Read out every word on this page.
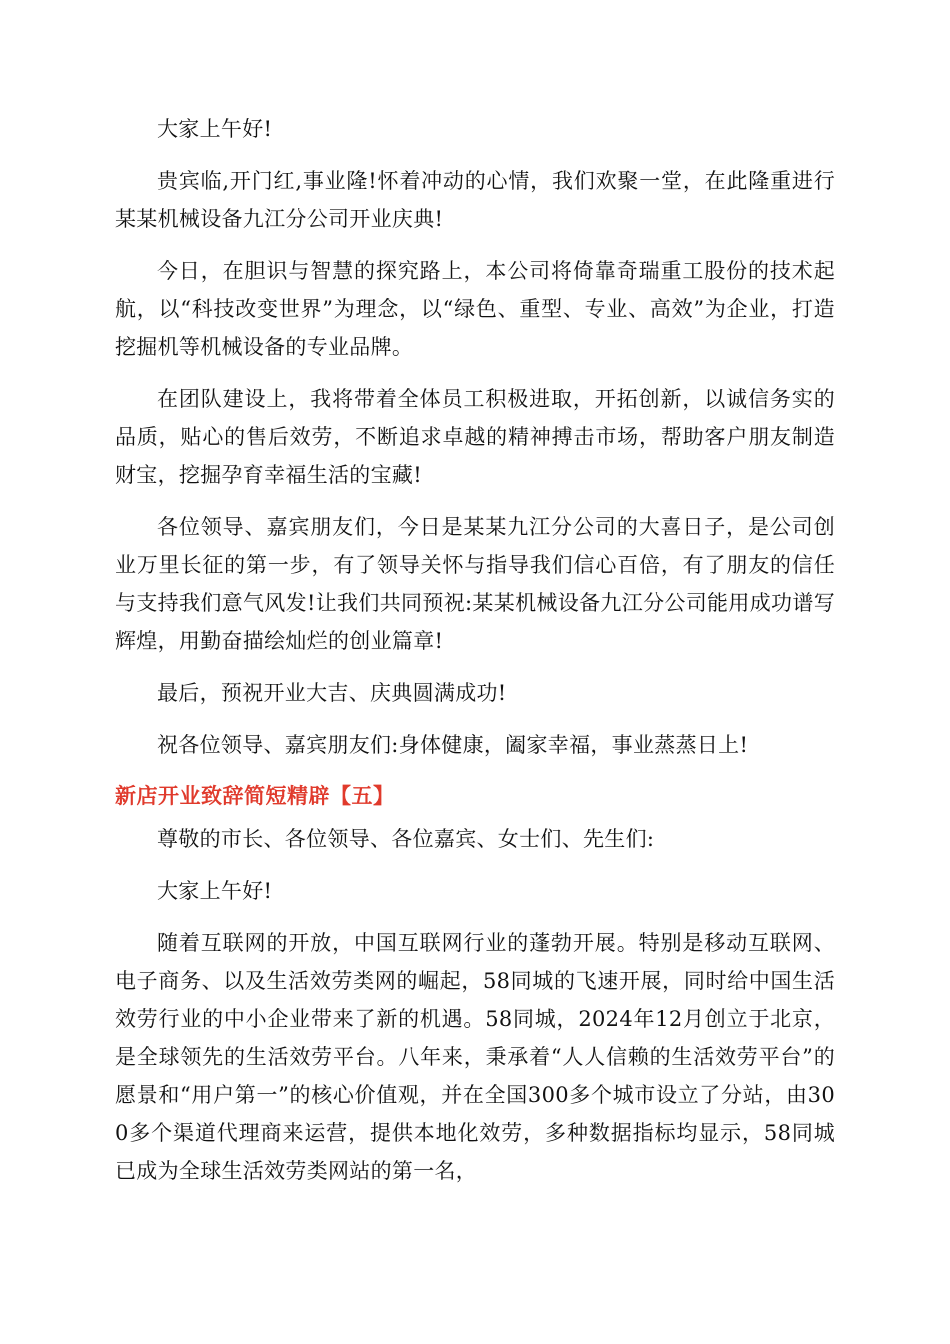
大家上午好!

贵宾临,开门红,事业隆!怀着冲动的心情，我们欢聚一堂，在此隆重进行某某机械设备九江分公司开业庆典!

今日，在胆识与智慧的探究路上，本公司将倚靠奇瑞重工股份的技术起航，以“科技改变世界”为理念，以“绿色、重型、专业、高效”为企业，打造挖掘机等机械设备的专业品牌。

在团队建设上，我将带着全体员工积极进取，开拓创新，以诚信务实的品质，贴心的售后效劳，不断追求卓越的精神搏击市场，帮助客户朋友制造财宝，挖掘孕育幸福生活的宝藏!

各位领导、嘉宾朋友们，今日是某某九江分公司的大喜日子，是公司创业万里长征的第一步，有了领导关怀与指导我们信心百倍，有了朋友的信任与支持我们意气风发!让我们共同预祝:某某机械设备九江分公司能用成功谱写辉煌，用勤奋描绘灿烂的创业篇章!

最后，预祝开业大吉、庆典圆满成功!

祝各位领导、嘉宾朋友们:身体健康，阖家幸福，事业蒸蒸日上!

新店开业致辞简短精辟【五】

尊敬的市长、各位领导、各位嘉宾、女士们、先生们:

大家上午好!

随着互联网的开放，中国互联网行业的蓬勃开展。特别是移动互联网、电子商务、以及生活效劳类网的崛起，58同城的飞速开展，同时给中国生活效劳行业的中小企业带来了新的机遇。58同城，2024年12月创立于北京，是全球领先的生活效劳平台。八年来，秉承着“人人信赖的生活效劳平台”的愿景和“用户第一”的核心价值观，并在全国300多个城市设立了分站，由300多个渠道代理商来运营，提供本地化效劳，多种数据指标均显示，58同城已成为全球生活效劳类网站的第一名，
